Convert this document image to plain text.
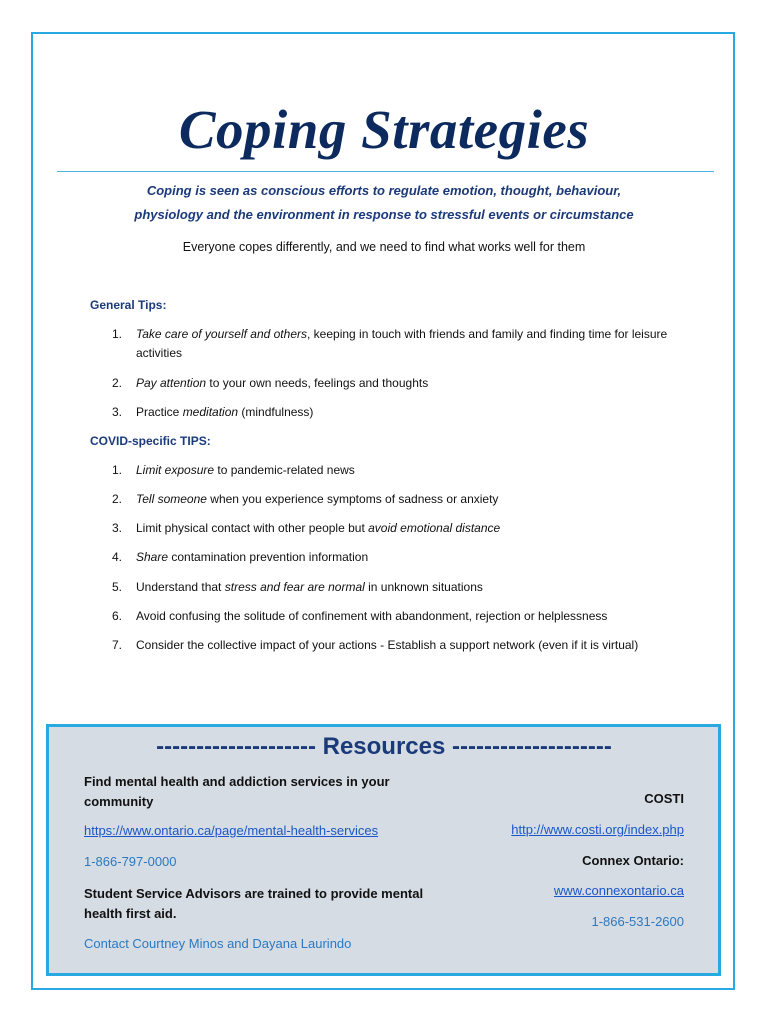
Coping Strategies
Coping is seen as conscious efforts to regulate emotion, thought, behaviour,
physiology and the environment in response to stressful events or circumstance
Everyone copes differently, and we need to find what works well for them
General Tips:
1.	Take care of yourself and others, keeping in touch with friends and family and finding time for leisure activities
2.	Pay attention to your own needs, feelings and thoughts
3.	Practice meditation (mindfulness)
COVID-specific TIPS:
1.	Limit exposure to pandemic-related news
2.	Tell someone when you experience symptoms of sadness or anxiety
3.	Limit physical contact with other people but avoid emotional distance
4.	Share contamination prevention information
5.	Understand that stress and fear are normal in unknown situations
6.	Avoid confusing the solitude of confinement with abandonment, rejection or helplessness
7.	Consider the collective impact of your actions - Establish a support network (even if it is virtual)
-------------------- Resources --------------------
Find mental health and addiction services in your community
https://www.ontario.ca/page/mental-health-services
1-866-797-0000
Student Service Advisors are trained to provide mental health first aid.
Contact Courtney Minos and Dayana Laurindo
COSTI
http://www.costi.org/index.php
Connex Ontario:
www.connexontario.ca
1-866-531-2600
